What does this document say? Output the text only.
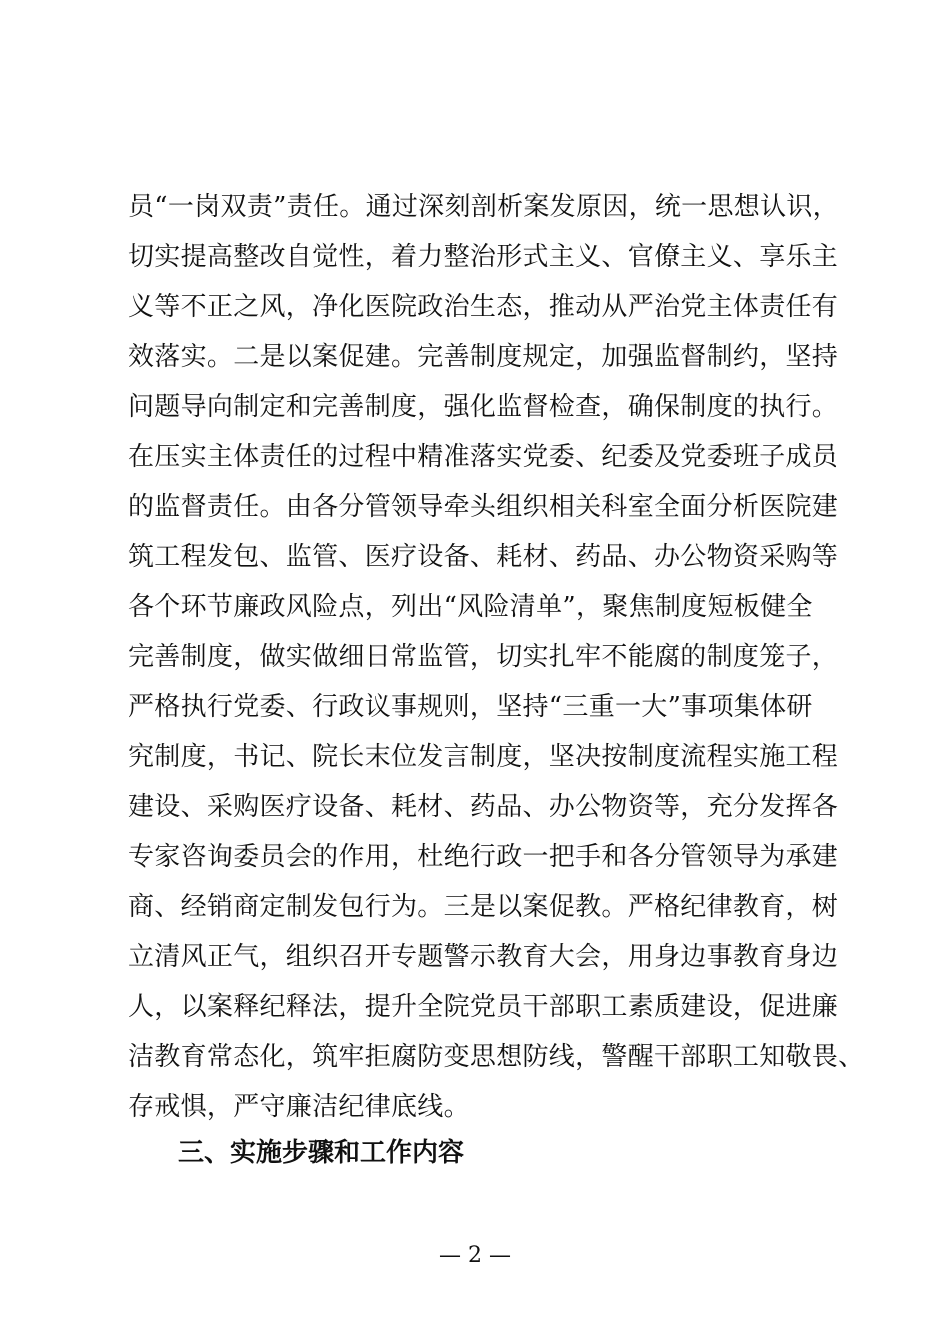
员“一岗双责”责任。通过深刻剖析案发原因，统一思想认识，
切实提高整改自觉性，着力整治形式主义、官僚主义、享乐主
义等不正之风，净化医院政治生态，推动从严治党主体责任有
效落实。二是以案促建。完善制度规定，加强监督制约，坚持
问题导向制定和完善制度，强化监督检查，确保制度的执行。
在压实主体责任的过程中精准落实党委、纪委及党委班子成员
的监督责任。由各分管领导牵头组织相关科室全面分析医院建
筑工程发包、监管、医疗设备、耗材、药品、办公物资采购等
各个环节廉政风险点，列出“风险清单”，聚焦制度短板健全
完善制度，做实做细日常监管，切实扎牢不能腐的制度笼子，
严格执行党委、行政议事规则，坚持“三重一大”事项集体研
究制度，书记、院长末位发言制度，坚决按制度流程实施工程
建设、采购医疗设备、耗材、药品、办公物资等，充分发挥各
专家咨询委员会的作用，杜绝行政一把手和各分管领导为承建
商、经销商定制发包行为。三是以案促教。严格纪律教育，树
立清风正气，组织召开专题警示教育大会，用身边事教育身边
人，以案释纪释法，提升全院党员干部职工素质建设，促进廉
洁教育常态化，筑牢拒腐防变思想防线，警醒干部职工知敬畏、
存戒惧，严守廉洁纪律底线。
三、实施步骤和工作内容
— 2 —
